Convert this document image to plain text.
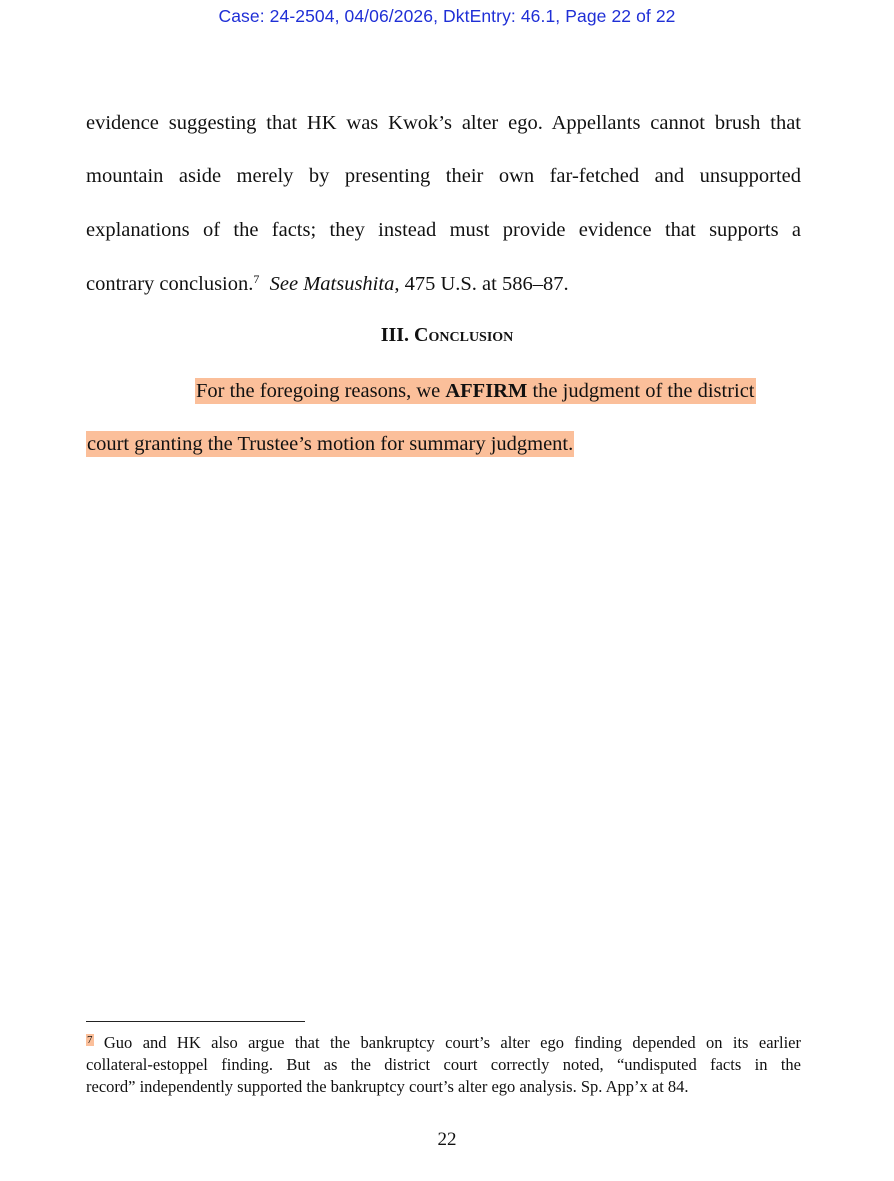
Case: 24-2504, 04/06/2026, DktEntry: 46.1, Page 22 of 22
evidence suggesting that HK was Kwok’s alter ego. Appellants cannot brush that
mountain aside merely by presenting their own far-fetched and unsupported
explanations of the facts; they instead must provide evidence that supports a
contrary conclusion.$^7$ See Matsushita, 475 U.S. at 586–87.
III. Conclusion
For the foregoing reasons, we AFFIRM the judgment of the district
court granting the Trustee’s motion for summary judgment.
$^7$ Guo and HK also argue that the bankruptcy court’s alter ego finding depended on its earlier
collateral-estoppel finding. But as the district court correctly noted, “undisputed facts in the
record” independently supported the bankruptcy court’s alter ego analysis. Sp. App’x at 84.
22
